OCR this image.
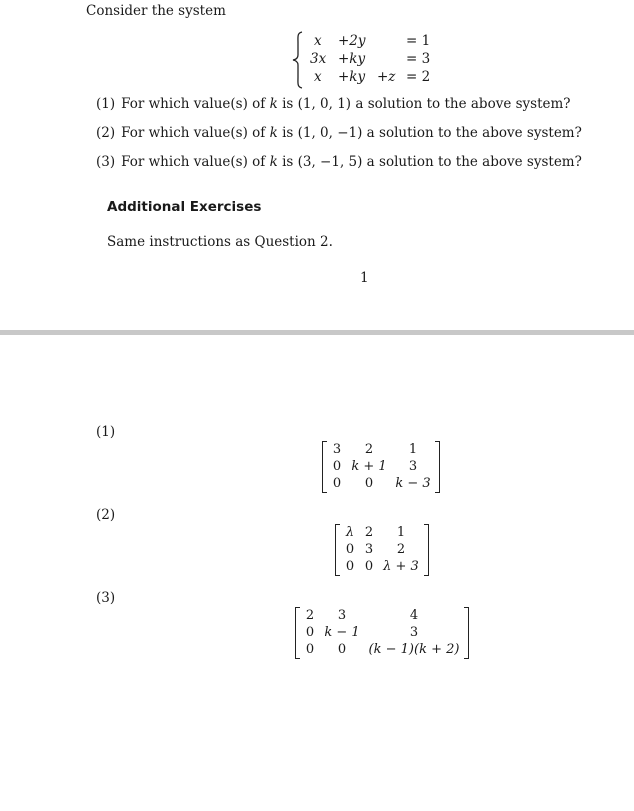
Consider the system
x +2y	= 1
3x +ky	= 3
x +ky +z = 2
(1) For which value(s) of k is (1, 0, 1) a solution to the above system?
(2) For which value(s) of k is (1, 0, −1) a solution to the above system?
(3) For which value(s) of k is (3, −1, 5) a solution to the above system?
Additional Exercises
Same instructions as Question 2.
1
(1)
3 2	1
0 k + 1 3
0 0 k − 3
(2)
λ 2 1
0 3 2
0 0 λ + 3
(3)
2 3	4
0 k − 1	3
0 0 (k − 1)(k + 2)
